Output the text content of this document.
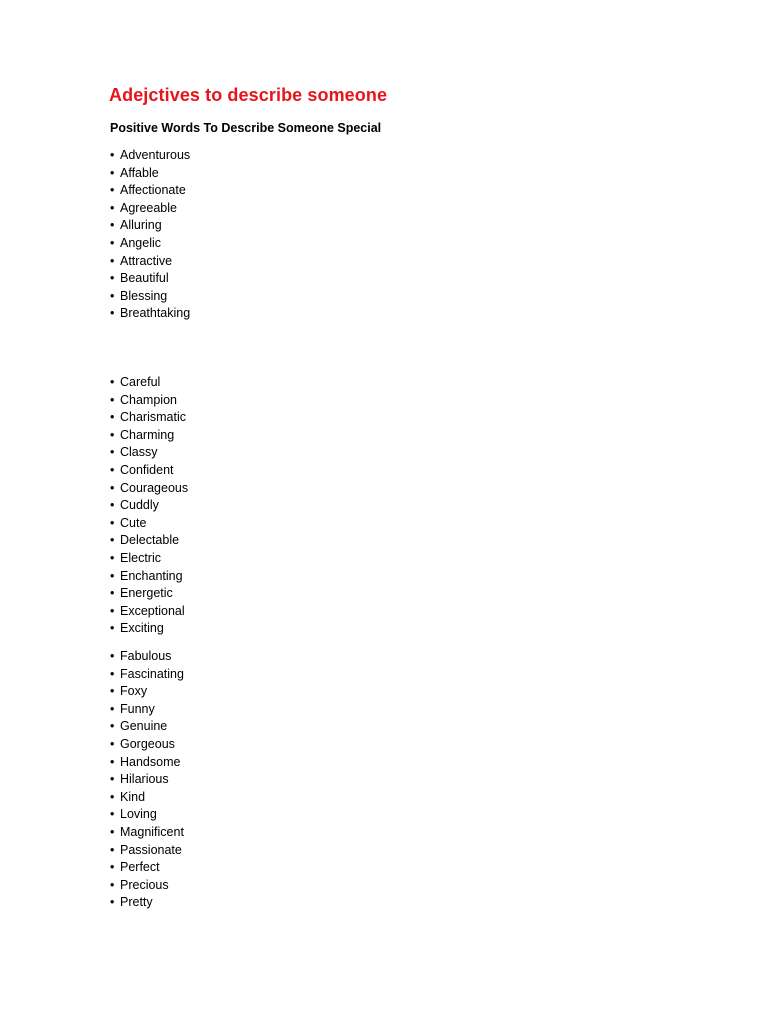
Adejctives to describe someone
Positive Words To Describe Someone Special
• Adventurous
• Affable
• Affectionate
• Agreeable
• Alluring
• Angelic
• Attractive
• Beautiful
• Blessing
• Breathtaking
• Careful
• Champion
• Charismatic
• Charming
• Classy
• Confident
• Courageous
• Cuddly
• Cute
• Delectable
• Electric
• Enchanting
• Energetic
• Exceptional
• Exciting
• Fabulous
• Fascinating
• Foxy
• Funny
• Genuine
• Gorgeous
• Handsome
• Hilarious
• Kind
• Loving
• Magnificent
• Passionate
• Perfect
• Precious
• Pretty
